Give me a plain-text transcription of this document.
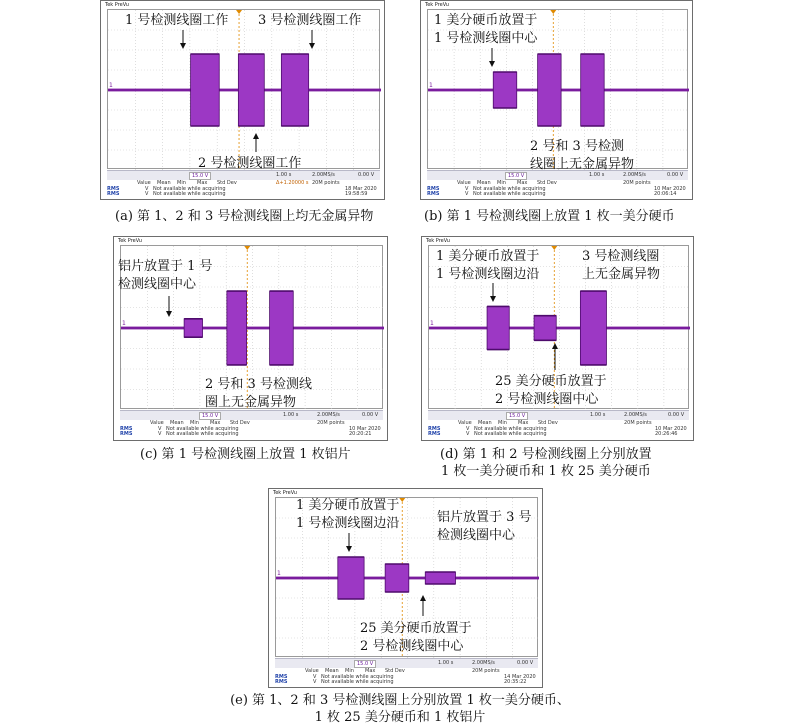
Tek PreVu
1
15.0 V	1.00 s	2.00MS/s	0.00 V
Value Mean Min Max Std Dev
RMS	V Not available while acquiring
RMS	V Not available while acquiring
20M points
18 Mar 2020
19:58:59
Δ+1.20000 s
Tek PreVu
1
15.0 V	1.00 s	2.00MS/s	0.00 V
Value Mean Min Max Std Dev
RMS	V Not available while acquiring
RMS	V Not available while acquiring
20M points
10 Mar 2020
20:06:14
Tek PreVu
1
15.0 V	1.00 s	2.00MS/s	0.00 V
Value Mean Min Max Std Dev
RMS	V Not available while acquiring
RMS	V Not available while acquiring
20M points
10 Mar 2020
20:20:21
Tek PreVu
1
15.0 V	1.00 s	2.00MS/s	0.00 V
Value Mean Min Max Std Dev
RMS	V Not available while acquiring
RMS	V Not available while acquiring
20M points
10 Mar 2020
20:26:46
Tek PreVu
1
15.0 V	1.00 s	2.00MS/s	0.00 V
Value Mean Min Max Std Dev
RMS	V Not available while acquiring
RMS	V Not available while acquiring
20M points
14 Mar 2020
20:35:22
1 号检测线圈工作 3 号检测线圈工作
2 号检测线圈工作
1 美分硬币放置于
1 号检测线圈中心
2 号和 3 号检测
线圈上无金属异物
铝片放置于 1 号
检测线圈中心
2 号和 3 号检测线
圈上无金属异物
1 美分硬币放置于
1 号检测线圈边沿
3 号检测线圈
上无金属异物
25 美分硬币放置于
2 号检测线圈中心
1 美分硬币放置于
1 号检测线圈边沿	铝片放置于 3 号
检测线圈中心
25 美分硬币放置于
2 号检测线圈中心
(a) 第 1、2 和 3 号检测线圈上均无金属异物	(b) 第 1 号检测线圈上放置 1 枚一美分硬币
(c) 第 1 号检测线圈上放置 1 枚铝片	(d) 第 1 和 2 号检测线圈上分别放置
1 枚一美分硬币和 1 枚 25 美分硬币
(e) 第 1、2 和 3 号检测线圈上分别放置 1 枚一美分硬币、
1 枚 25 美分硬币和 1 枚铝片
